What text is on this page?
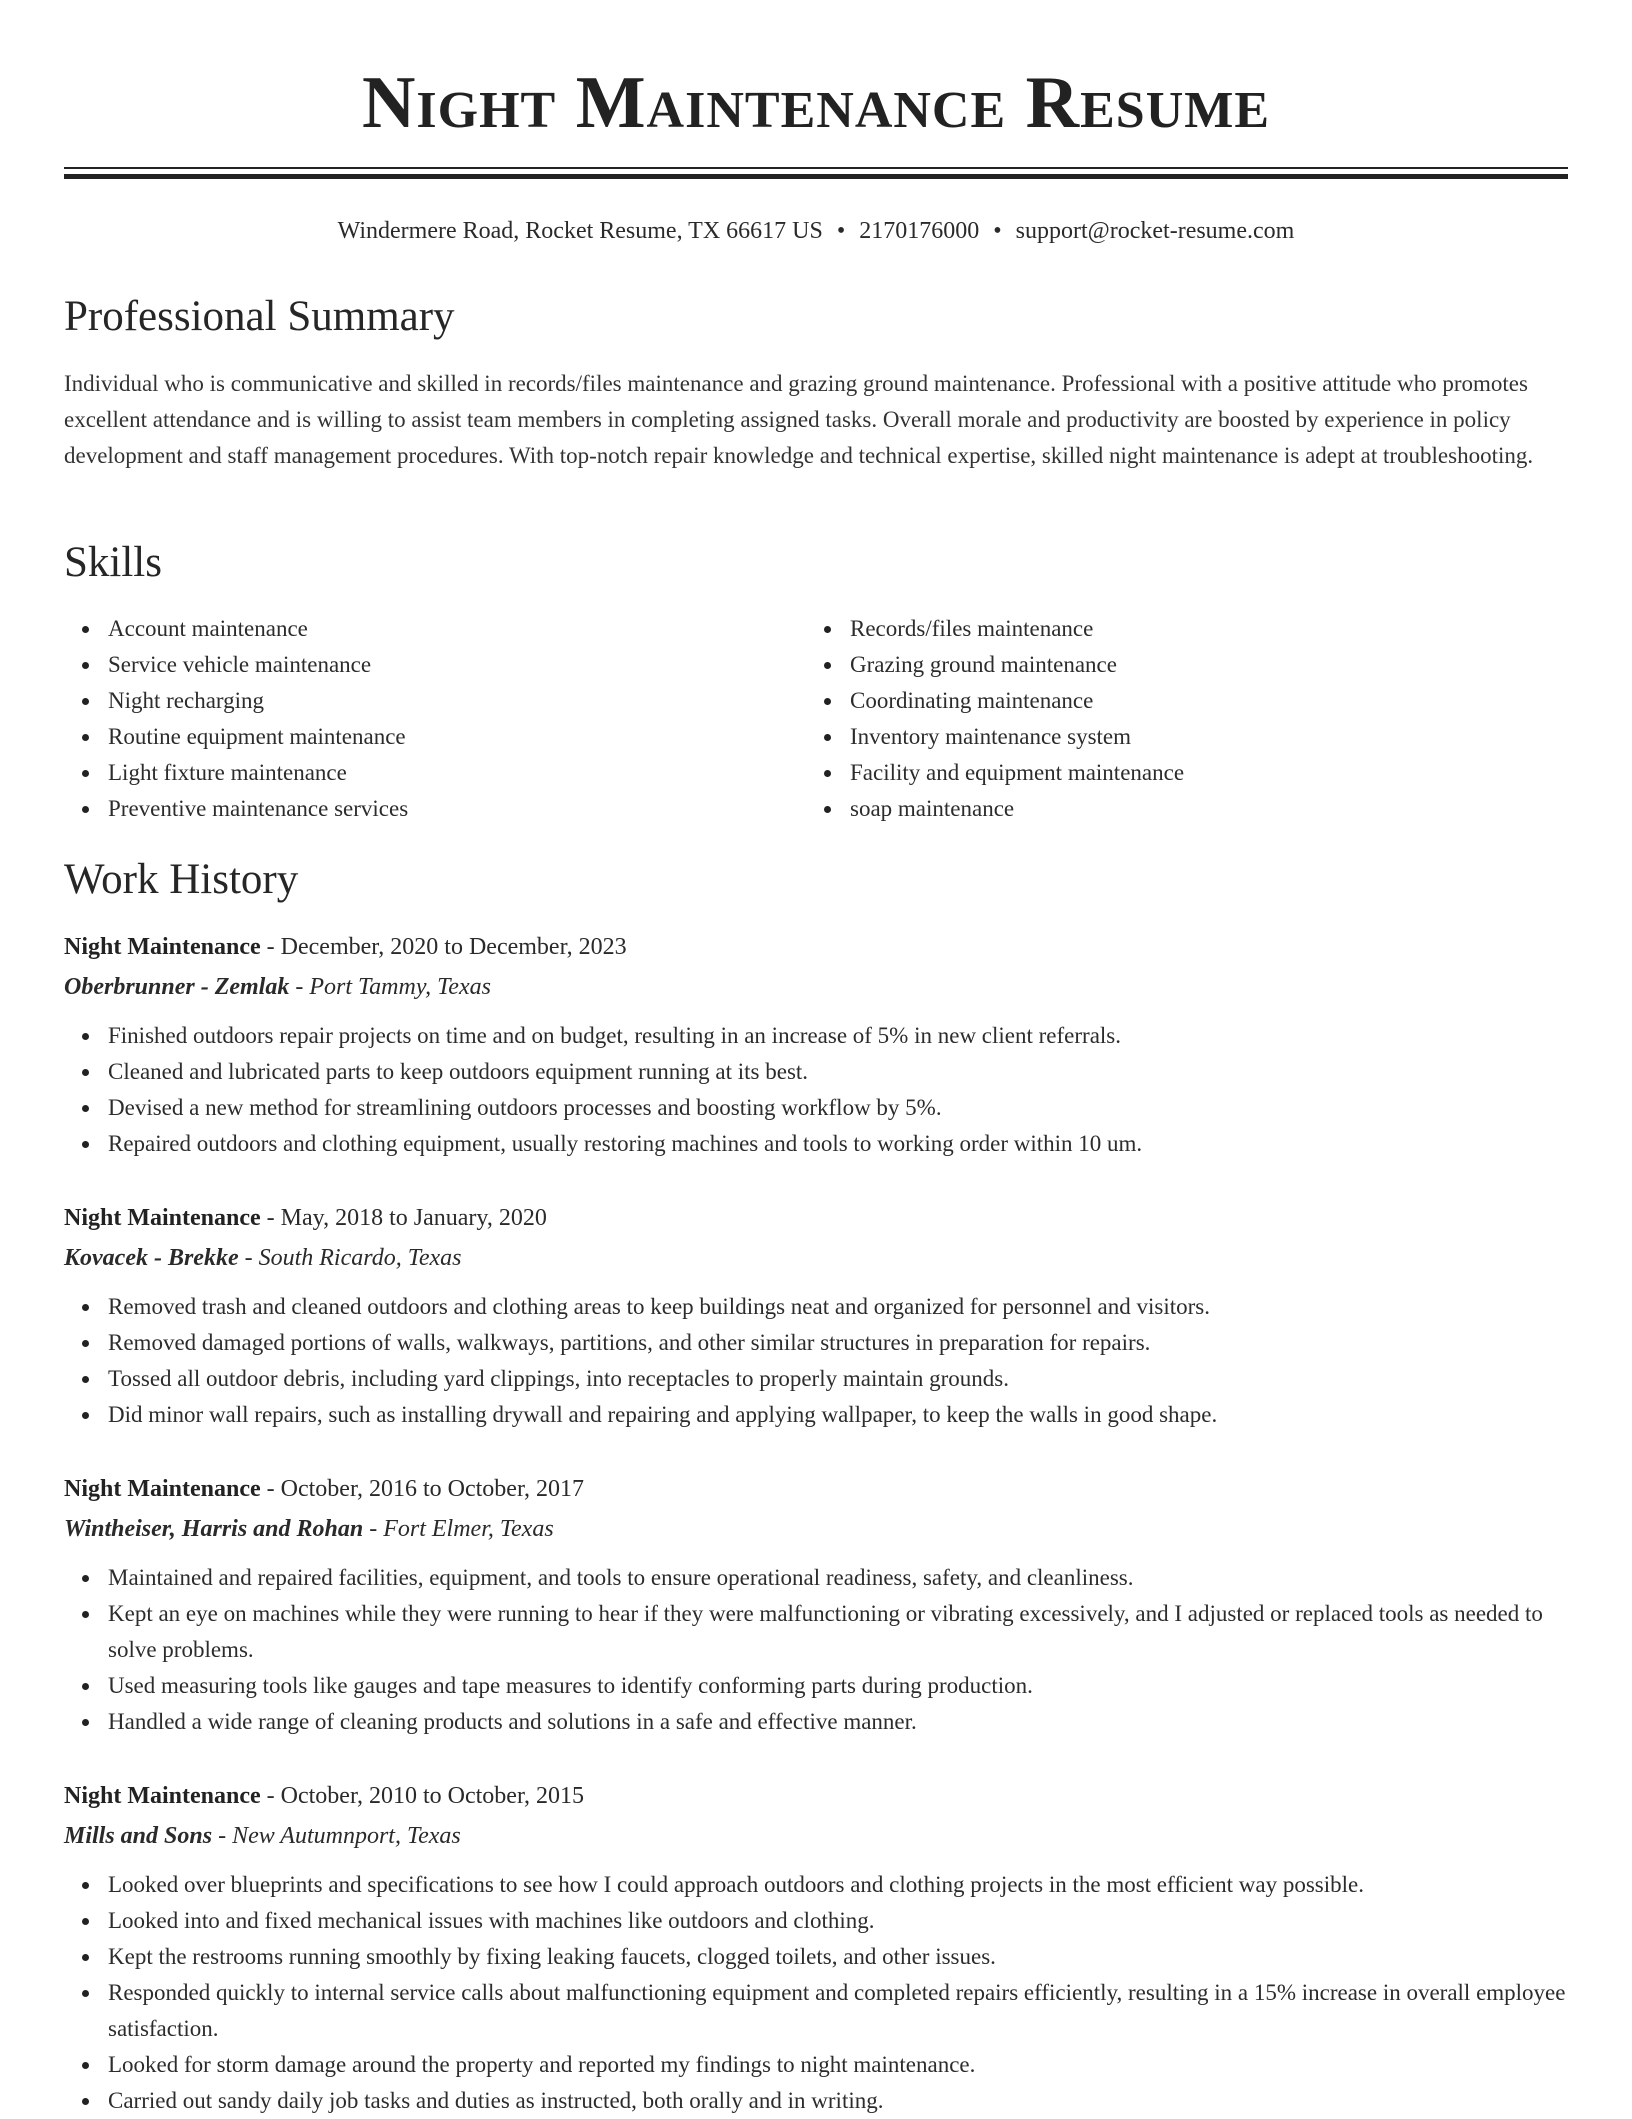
Night Maintenance Resume
Windermere Road, Rocket Resume, TX 66617 US • 2170176000 • support@rocket-resume.com
Professional Summary

Individual who is communicative and skilled in records/files maintenance and grazing ground maintenance. Professional with a positive attitude who promotes excellent attendance and is willing to assist team members in completing assigned tasks. Overall morale and productivity are boosted by experience in policy development and staff management procedures. With top-notch repair knowledge and technical expertise, skilled night maintenance is adept at troubleshooting.

Skills
Account maintenance
Service vehicle maintenance
Night recharging
Routine equipment maintenance
Light fixture maintenance
Preventive maintenance services
Records/files maintenance
Grazing ground maintenance
Coordinating maintenance
Inventory maintenance system
Facility and equipment maintenance
soap maintenance
Work History

Night Maintenance - December, 2020 to December, 2023

Oberbrunner - Zemlak - Port Tammy, Texas

Finished outdoors repair projects on time and on budget, resulting in an increase of 5% in new client referrals.
Cleaned and lubricated parts to keep outdoors equipment running at its best.
Devised a new method for streamlining outdoors processes and boosting workflow by 5%.
Repaired outdoors and clothing equipment, usually restoring machines and tools to working order within 10 um.

Night Maintenance - May, 2018 to January, 2020

Kovacek - Brekke - South Ricardo, Texas

Removed trash and cleaned outdoors and clothing areas to keep buildings neat and organized for personnel and visitors.
Removed damaged portions of walls, walkways, partitions, and other similar structures in preparation for repairs.
Tossed all outdoor debris, including yard clippings, into receptacles to properly maintain grounds.
Did minor wall repairs, such as installing drywall and repairing and applying wallpaper, to keep the walls in good shape.

Night Maintenance - October, 2016 to October, 2017

Wintheiser, Harris and Rohan - Fort Elmer, Texas

Maintained and repaired facilities, equipment, and tools to ensure operational readiness, safety, and cleanliness.
Kept an eye on machines while they were running to hear if they were malfunctioning or vibrating excessively, and I adjusted or replaced tools as needed to solve problems.
Used measuring tools like gauges and tape measures to identify conforming parts during production.
Handled a wide range of cleaning products and solutions in a safe and effective manner.

Night Maintenance - October, 2010 to October, 2015

Mills and Sons - New Autumnport, Texas

Looked over blueprints and specifications to see how I could approach outdoors and clothing projects in the most efficient way possible.
Looked into and fixed mechanical issues with machines like outdoors and clothing.
Kept the restrooms running smoothly by fixing leaking faucets, clogged toilets, and other issues.
Responded quickly to internal service calls about malfunctioning equipment and completed repairs efficiently, resulting in a 15% increase in overall employee satisfaction.
Looked for storm damage around the property and reported my findings to night maintenance.
Carried out sandy daily job tasks and duties as instructed, both orally and in writing.
